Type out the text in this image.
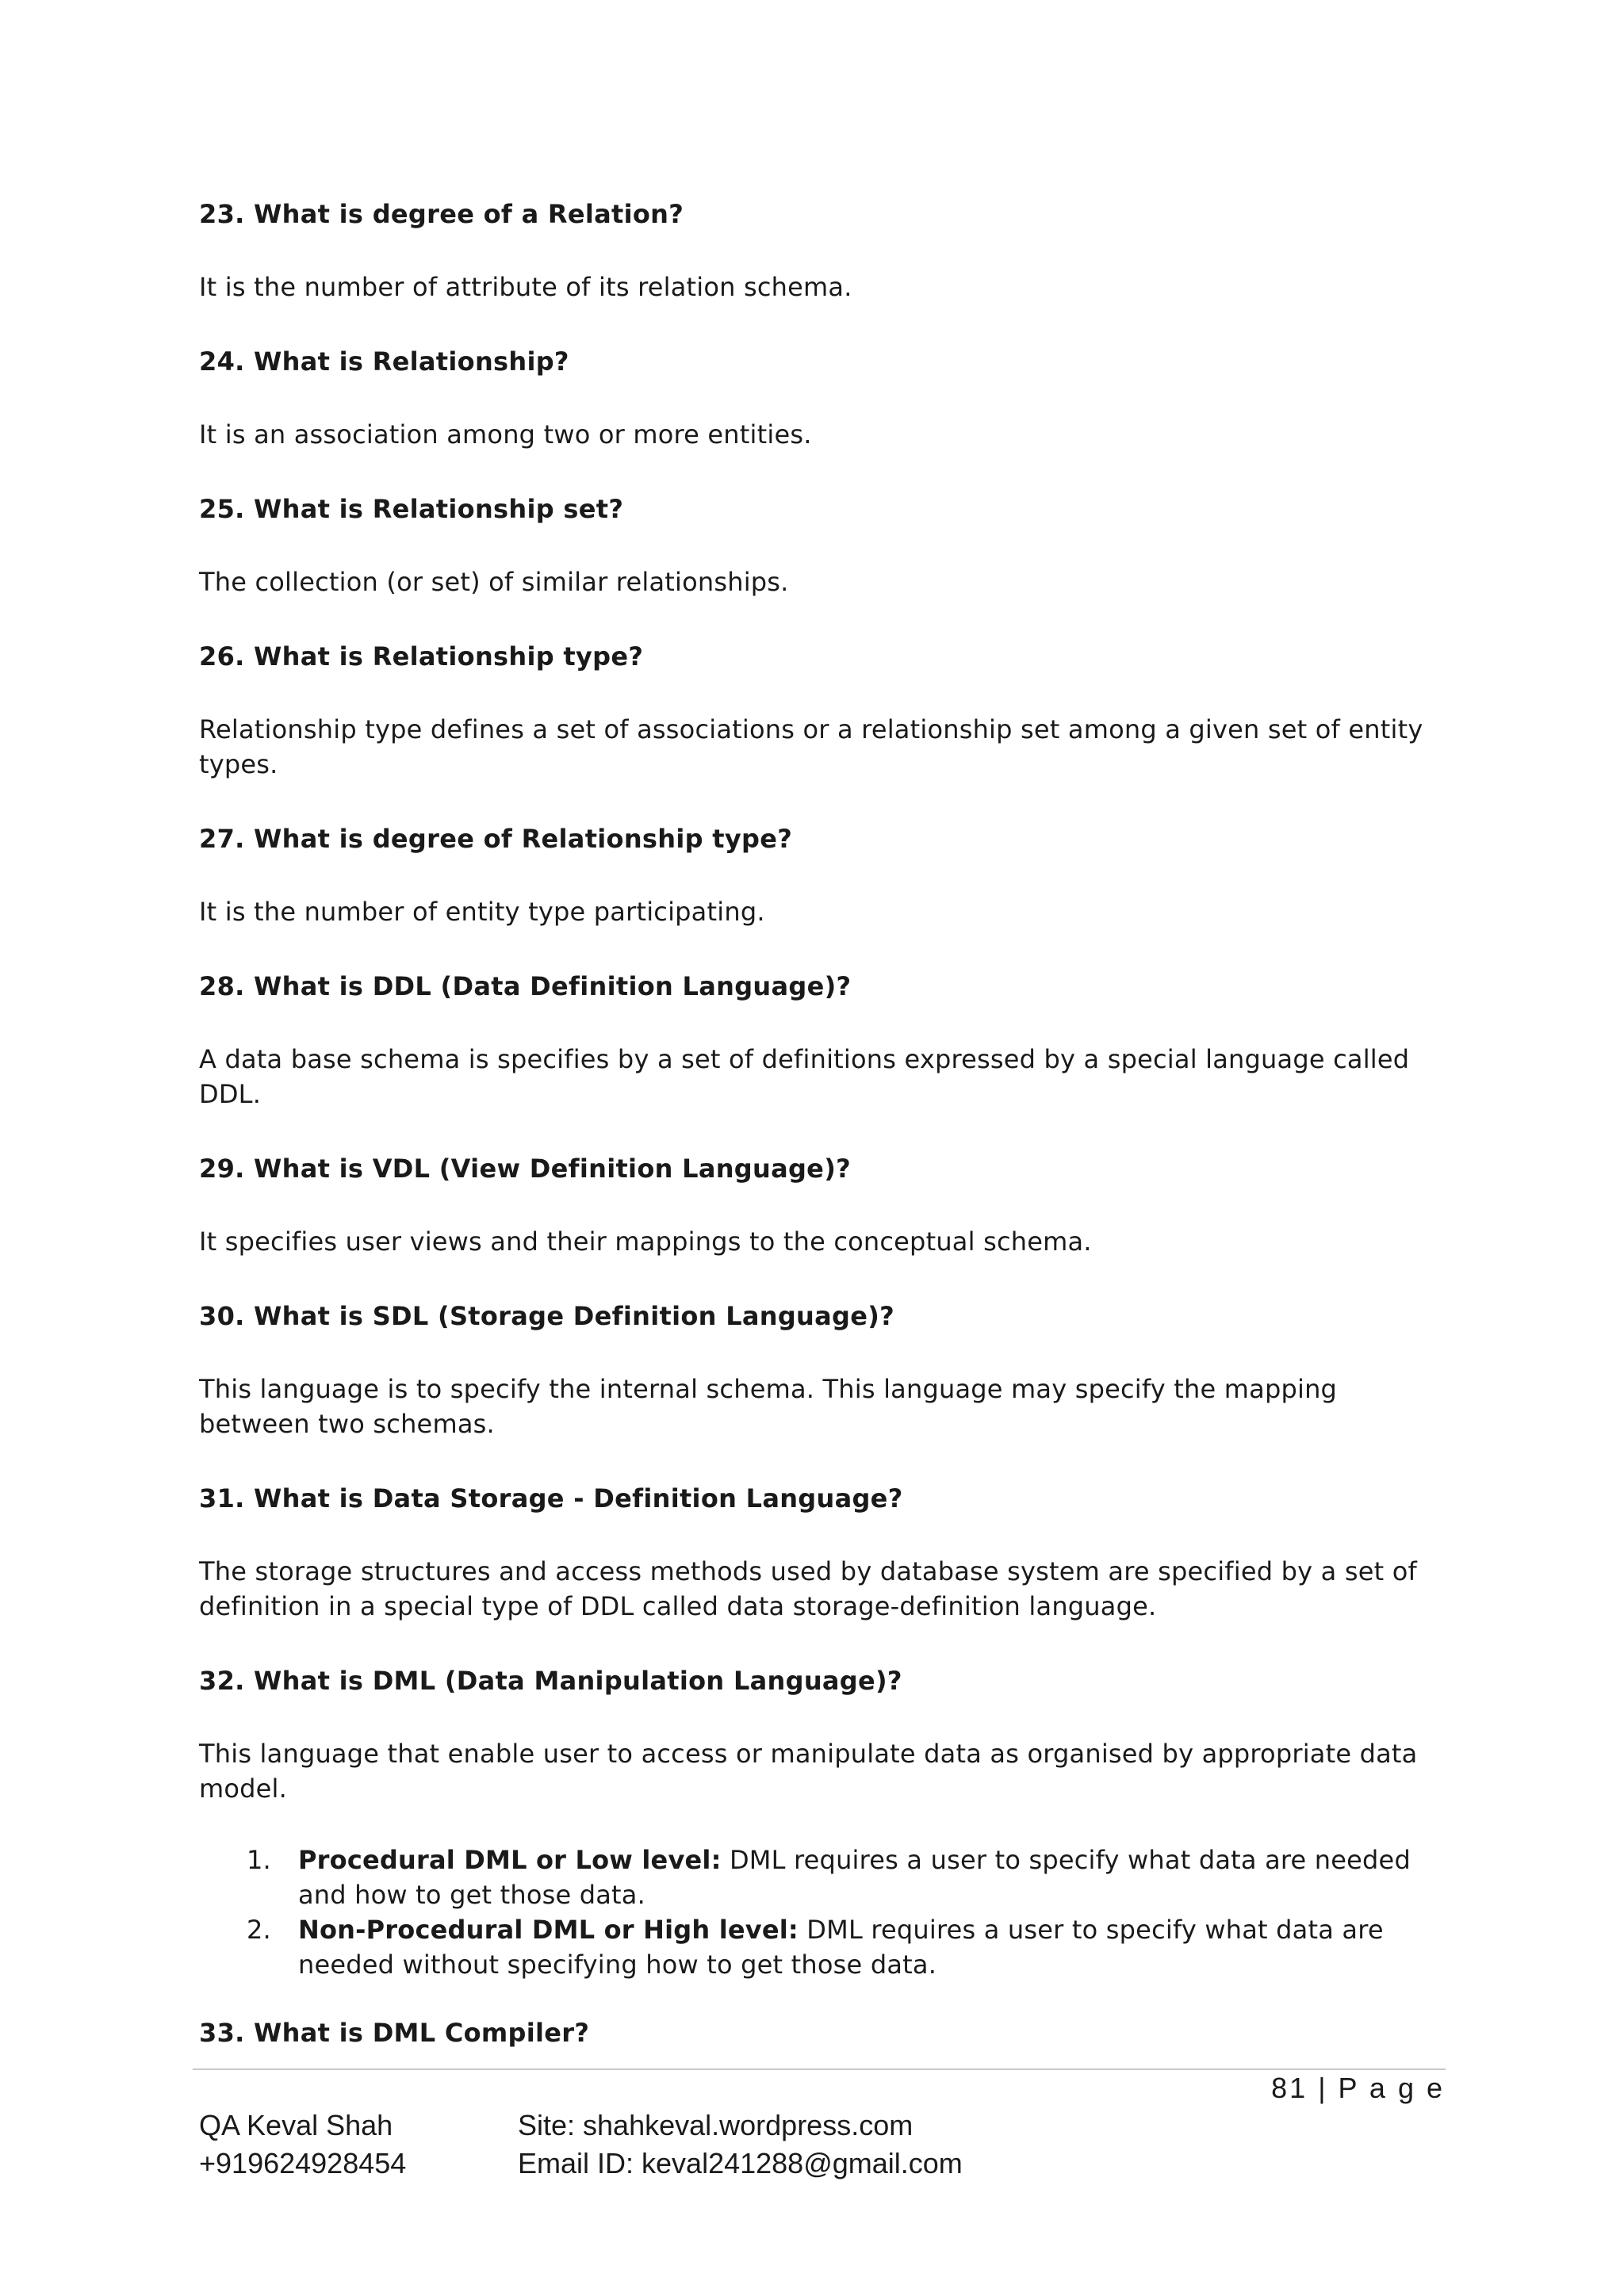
23. What is degree of a Relation?

It is the number of attribute of its relation schema.

24. What is Relationship?

It is an association among two or more entities.

25. What is Relationship set?

The collection (or set) of similar relationships.

26. What is Relationship type?

Relationship type defines a set of associations or a relationship set among a given set of entity types.

27. What is degree of Relationship type?

It is the number of entity type participating.

28. What is DDL (Data Definition Language)?

A data base schema is specifies by a set of definitions expressed by a special language called DDL.

29. What is VDL (View Definition Language)?

It specifies user views and their mappings to the conceptual schema.

30. What is SDL (Storage Definition Language)?

This language is to specify the internal schema. This language may specify the mapping between two schemas.

31. What is Data Storage - Definition Language?

The storage structures and access methods used by database system are specified by a set of definition in a special type of DDL called data storage-definition language.

32. What is DML (Data Manipulation Language)?

This language that enable user to access or manipulate data as organised by appropriate data model.

1. Procedural DML or Low level: DML requires a user to specify what data are needed and how to get those data.
2. Non-Procedural DML or High level: DML requires a user to specify what data are needed without specifying how to get those data.

33. What is DML Compiler?

81 | P a g e
QA Keval Shah
+919624928454
Site: shahkeval.wordpress.com
Email ID: keval241288@gmail.com
